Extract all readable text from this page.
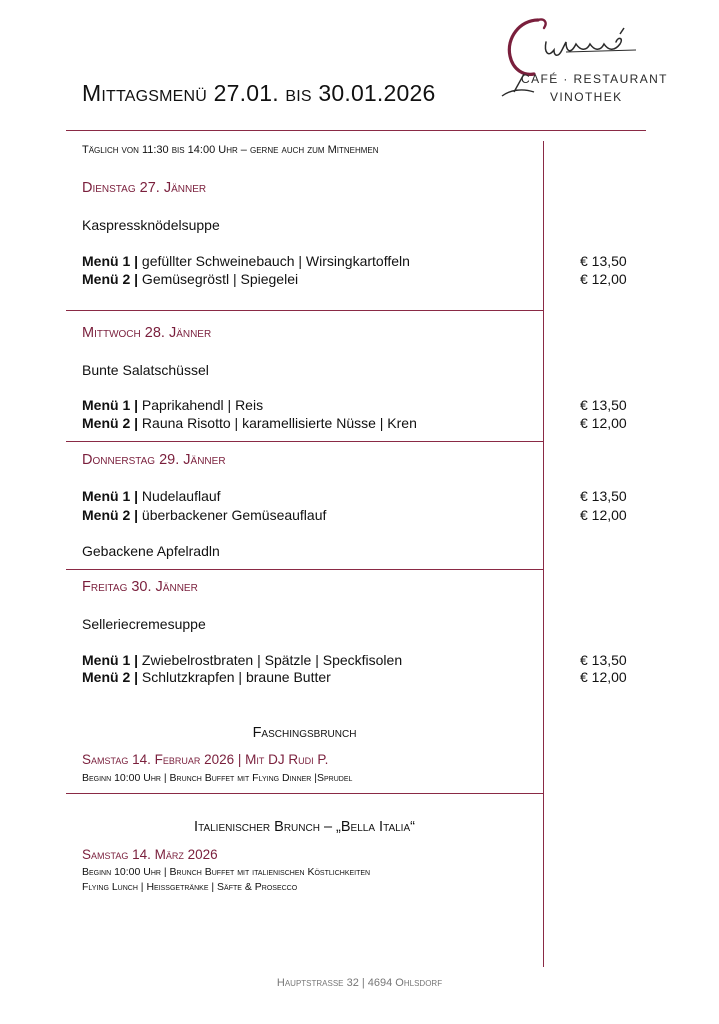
Mittagsmenü 27.01. bis 30.01.2026
CAFÉ · RESTAURANT
VINOTHEK
Täglich von 11:30 bis 14:00 Uhr – gerne auch zum Mitnehmen
Dienstag 27. Jänner
Kaspressknödelsuppe
Menü 1 | gefüllter Schweinebauch | Wirsingkartoffeln	€ 13,50
Menü 2 | Gemüsegröstl | Spiegelei	€ 12,00
Mittwoch 28. Jänner
Bunte Salatschüssel
Menü 1 | Paprikahendl | Reis	€ 13,50
Menü 2 | Rauna Risotto | karamellisierte Nüsse | Kren	€ 12,00
Donnerstag 29. Jänner
Menü 1 | Nudelauflauf	€ 13,50
Menü 2 | überbackener Gemüseauflauf	€ 12,00
Gebackene Apfelradln
Freitag 30. Jänner
Selleriecremesuppe
Menü 1 | Zwiebelrostbraten | Spätzle | Speckfisolen	€ 13,50
Menü 2 | Schlutzkrapfen | braune Butter	€ 12,00
Faschingsbrunch
Samstag 14. Februar 2026 | Mit DJ Rudi P.
Beginn 10:00 Uhr | Brunch Buffet mit Flying Dinner |Sprudel
Italienischer Brunch – „Bella Italia“
Samstag 14. März 2026
Beginn 10:00 Uhr | Brunch Buffet mit italienischen Köstlichkeiten
Flying Lunch | Heißgetränke | Säfte & Prosecco
Hauptstraße 32 | 4694 Ohlsdorf
